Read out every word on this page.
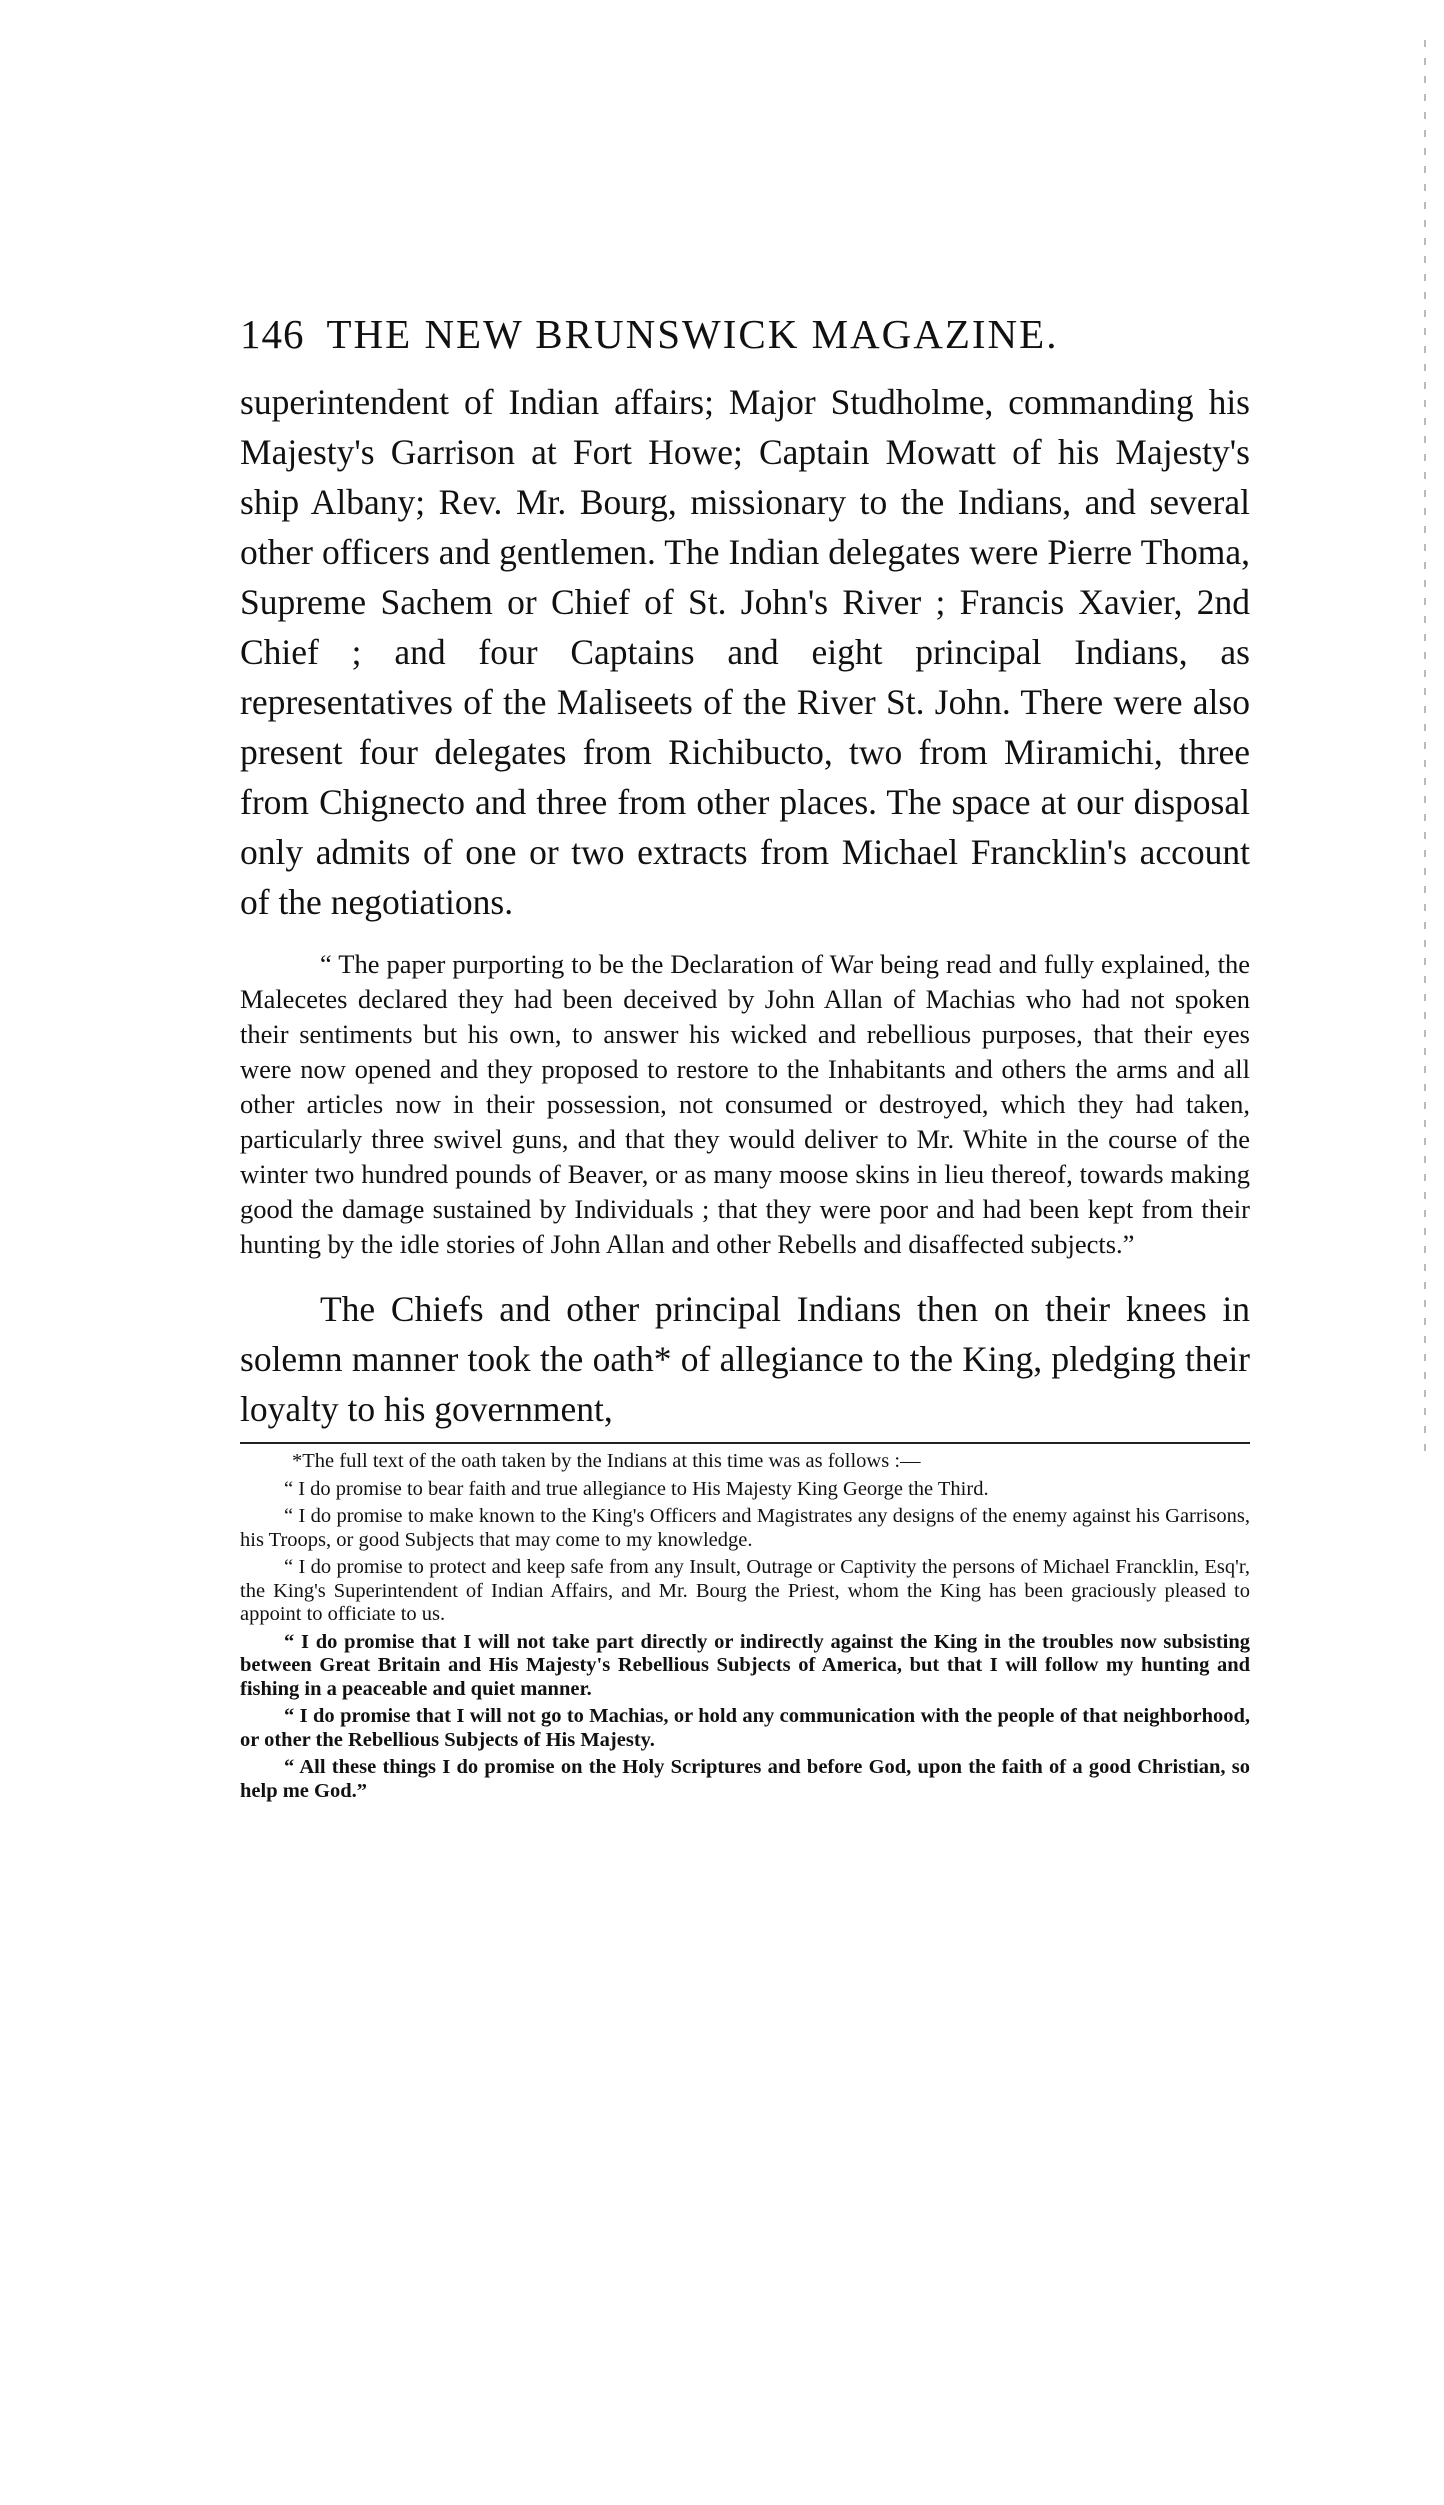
146 THE NEW BRUNSWICK MAGAZINE.

superintendent of Indian affairs; Major Studholme, commanding his Majesty's Garrison at Fort Howe; Captain Mowatt of his Majesty's ship Albany; Rev. Mr. Bourg, missionary to the Indians, and several other officers and gentlemen. The Indian delegates were Pierre Thoma, Supreme Sachem or Chief of St. John's River ; Francis Xavier, 2nd Chief ; and four Captains and eight principal Indians, as representatives of the Maliseets of the River St. John. There were also present four delegates from Richibucto, two from Miramichi, three from Chignecto and three from other places. The space at our disposal only admits of one or two extracts from Michael Francklin's account of the negotiations.

“ The paper purporting to be the Declaration of War being read and fully explained, the Malecetes declared they had been deceived by John Allan of Machias who had not spoken their sentiments but his own, to answer his wicked and rebellious purposes, that their eyes were now opened and they proposed to restore to the Inhabitants and others the arms and all other articles now in their possession, not consumed or destroyed, which they had taken, particularly three swivel guns, and that they would deliver to Mr. White in the course of the winter two hundred pounds of Beaver, or as many moose skins in lieu thereof, towards making good the damage sustained by Individuals ; that they were poor and had been kept from their hunting by the idle stories of John Allan and other Rebells and disaffected subjects.”

The Chiefs and other principal Indians then on their knees in solemn manner took the oath* of allegiance to the King, pledging their loyalty to his government,

*The full text of the oath taken by the Indians at this time was as follows :—

“ I do promise to bear faith and true allegiance to His Majesty King George the Third.

“ I do promise to make known to the King's Officers and Magistrates any designs of the enemy against his Garrisons, his Troops, or good Subjects that may come to my knowledge.

“ I do promise to protect and keep safe from any Insult, Outrage or Captivity the persons of Michael Francklin, Esq'r, the King's Superintendent of Indian Affairs, and Mr. Bourg the Priest, whom the King has been graciously pleased to appoint to officiate to us.

“ I do promise that I will not take part directly or indirectly against the King in the troubles now subsisting between Great Britain and His Majesty's Rebellious Subjects of America, but that I will follow my hunting and fishing in a peaceable and quiet manner.

“ I do promise that I will not go to Machias, or hold any communication with the people of that neighborhood, or other the Rebellious Subjects of His Majesty.

“ All these things I do promise on the Holy Scriptures and before God, upon the faith of a good Christian, so help me God.”
